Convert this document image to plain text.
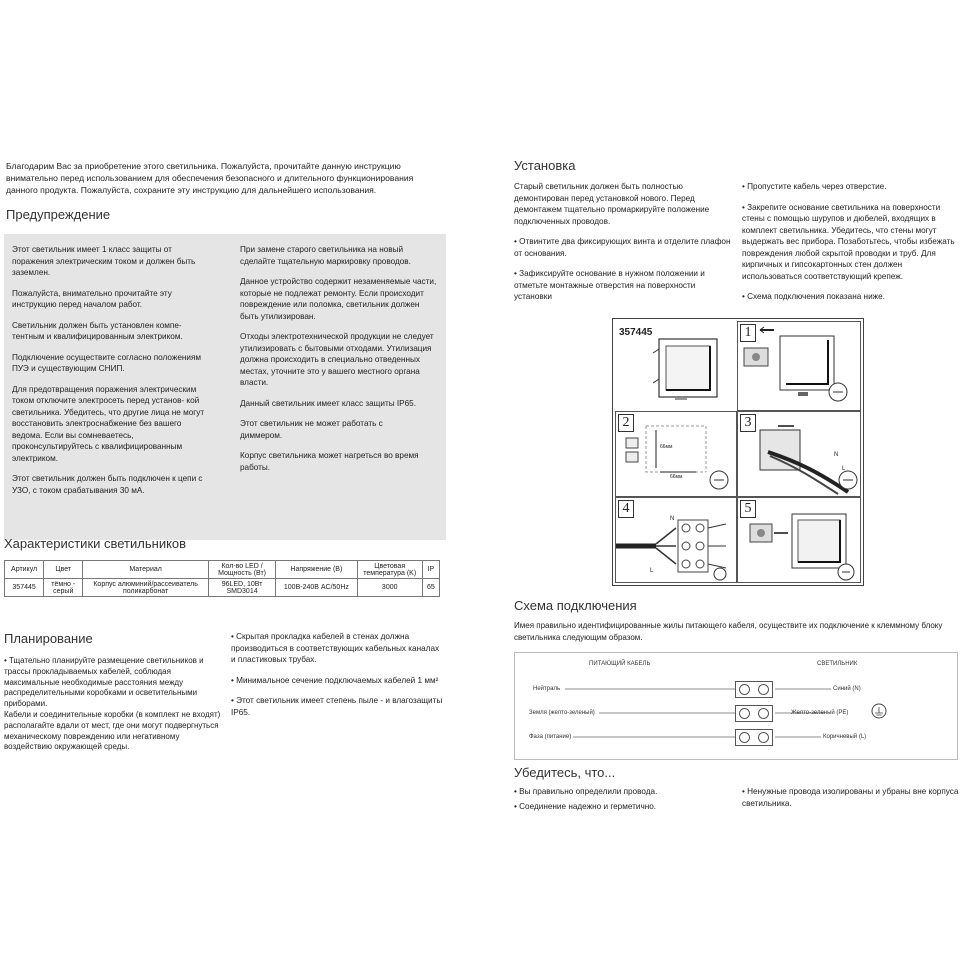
Благодарим Вас за приобретение этого светильника. Пожалуйста, прочитайте данную инструкцию
внимательно перед использованием для обеспечения безопасного и длительного функционирования
данного продукта. Пожалуйста, сохраните эту инструкцию для дальнейшего использования.
Предупреждение

Этот светильник имеет 1 класс защиты от поражения электрическим током и должен быть заземлен.

Пожалуйста, внимательно прочитайте эту инструкцию перед началом работ.

Светильник должен быть установлен компе- тентным и квалифицированным электриком.

Подключение осуществите согласно положениям ПУЭ и существующим СНИП.

Для предотвращения поражения электрическим током отключите электросеть перед установ- кой светильника. Убедитесь, что другие лица не могут восстановить электроснабжение без вашего ведома. Если вы сомневаетесь, проконсультируйтесь с квалифицированным электриком.

Этот светильник должен быть подключен к цепи с УЗО, с током срабатывания 30 мА.

При замене старого светильника на новый сделайте тщательную маркировку проводов.

Данное устройство содержит незаменяемые части, которые не подлежат ремонту. Если происходит повреждение или поломка, светильник должен быть утилизирован.

Отходы электротехнической продукции не следует утилизировать с бытовыми отходами. Утилизация должна происходить в специально отведенных местах, уточните это у вашего местного органа власти.

Данный светильник имеет класс защиты IP65.

Этот светильник не может работать с

диммером.

Корпус светильника может нагреться во время работы.

Характеристики светильников
Артикул	Цвет	Материал	Кол-во LED / Мощность (Вт)	Напряжение (В)	Цветовая температура (K)	IP
357445	тёмно - серый	Корпус алюминий/рассеиватель поликарбонат	96LED, 10Вт SMD3014	100В-240В AC/50Hz	3000	65
Планирование

• Тщательно планируйте размещение светильников и трассы прокладываемых кабелей, соблюдая максимальные необходимые расстояния между распределительными коробками и осветительными приборами.

Кабели и соединительные коробки (в комплект не входят) располагайте вдали от мест, где они могут подвергнуться механическому повреждению или негативному воздействию окружающей среды.

• Скрытая прокладка кабелей в стенах должна производиться в соответствующих кабельных каналах и пластиковых трубах.

• Минимальное сечение подключаемых кабелей 1 мм²

• Этот светильник имеет степень пыле - и влагозащиты IP65.

Установка

Старый светильник должен быть полностью демонтирован перед установкой нового. Перед демонтажем тщательно промаркируйте положение подключенных проводов.

• Отвинтите два фиксирующих винта и отделите плафон от основания.

• Зафиксируйте основание в нужном положении и отметьте монтажные отверстия на поверхности установки

• Пропустите кабель через отверстие.

• Закрепите основание светильника на поверхности стены с помощью шурупов и дюбелей, входящих в комплект светильника. Убедитесь, что стены могут выдержать вес прибора. Позаботьтесь, чтобы избежать повреждения любой скрытой проводки и труб. Для кирпичных и гипсокартонных стен должен использоваться соответствующий крепеж.

• Схема подключения показана ниже.

357445	1
2
66мм
66мм
3
N
L
4
N
L
5
Схема подключения
Имея правильно идентифицированные жилы питающего кабеля, осуществите их подключение к клеммному блоку светильника следующим образом.
ПИТАЮЩИЙ КАБЕЛЬ	СВЕТИЛЬНИК
Нейтраль
Земля (желто-зеленый)
Фаза (питание)
Синий (N)
Желто-зеленый (PE)
Коричневый (L)
Убедитесь, что...

• Вы правильно определили провода.

• Соединение надежно и герметично.

• Ненужные провода изолированы и убраны вне корпуса светильника.
